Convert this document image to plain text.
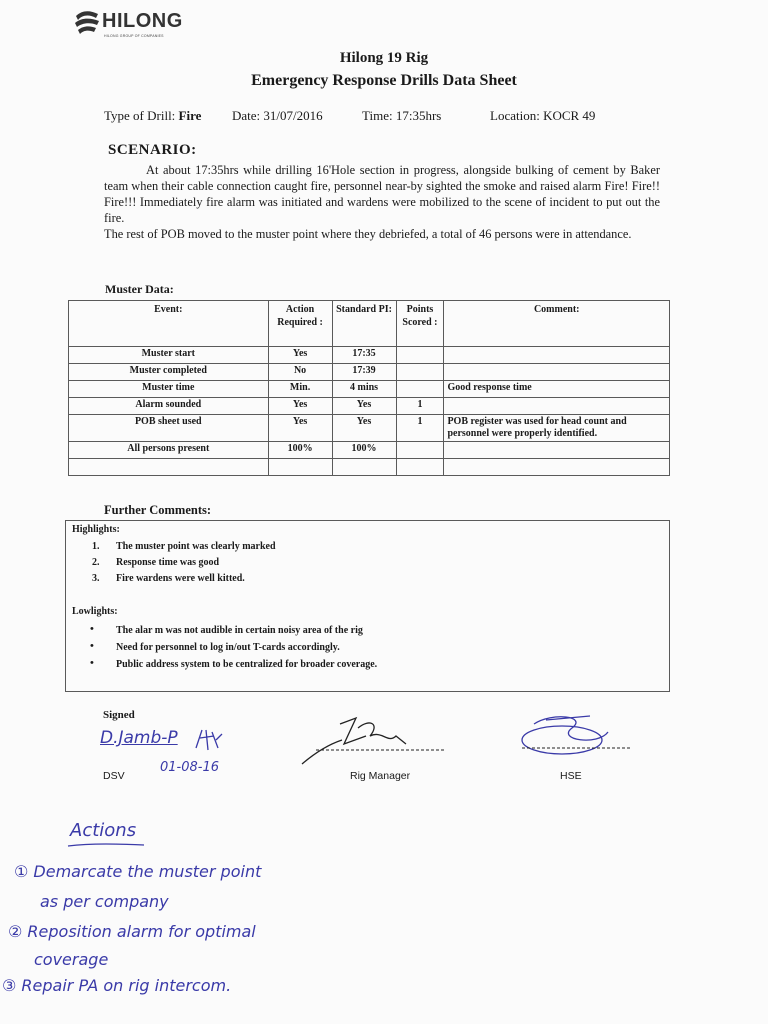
HILONG
HILONG GROUP OF COMPANIES
Hilong 19 Rig
Emergency Response Drills Data Sheet
Type of Drill: Fire Date: 31/07/2016	Time: 17:35hrs	Location: KOCR 49
SCENARIO:

At about 17:35hrs while drilling 16'Hole section in progress, alongside bulking of cement by Baker team when their cable connection caught fire, personnel near-by sighted the smoke and raised alarm Fire! Fire!! Fire!!! Immediately fire alarm was initiated and wardens were mobilized to the scene of incident to put out the fire.

The rest of POB moved to the muster point where they debriefed, a total of 46 persons were in attendance.

Muster Data:
Event:	Action Required :	Standard PI:	Points Scored :	Comment:
Muster start	Yes	17:35		
Muster completed	No	17:39		
Muster time	Min.	4 mins		Good response time
Alarm sounded	Yes	Yes	1	
POB sheet used	Yes	Yes	1	POB register was used for head count and personnel were properly identified.
All persons present	100%	100%		

Further Comments:
Highlights:
1. The muster point was clearly marked
2. Response time was good
3. Fire wardens were well kitted.
Lowlights:
• The alar m was not audible in certain noisy area of the rig
• Need for personnel to log in/out T-cards accordingly.
• Public address system to be centralized for broader coverage.
Signed
D.Jamb-P
01-08-16
DSV	Rig Manager	HSE
Actions
① Demarcate the muster point
as per company
② Reposition alarm for optimal
coverage
③ Repair PA on rig intercom.
